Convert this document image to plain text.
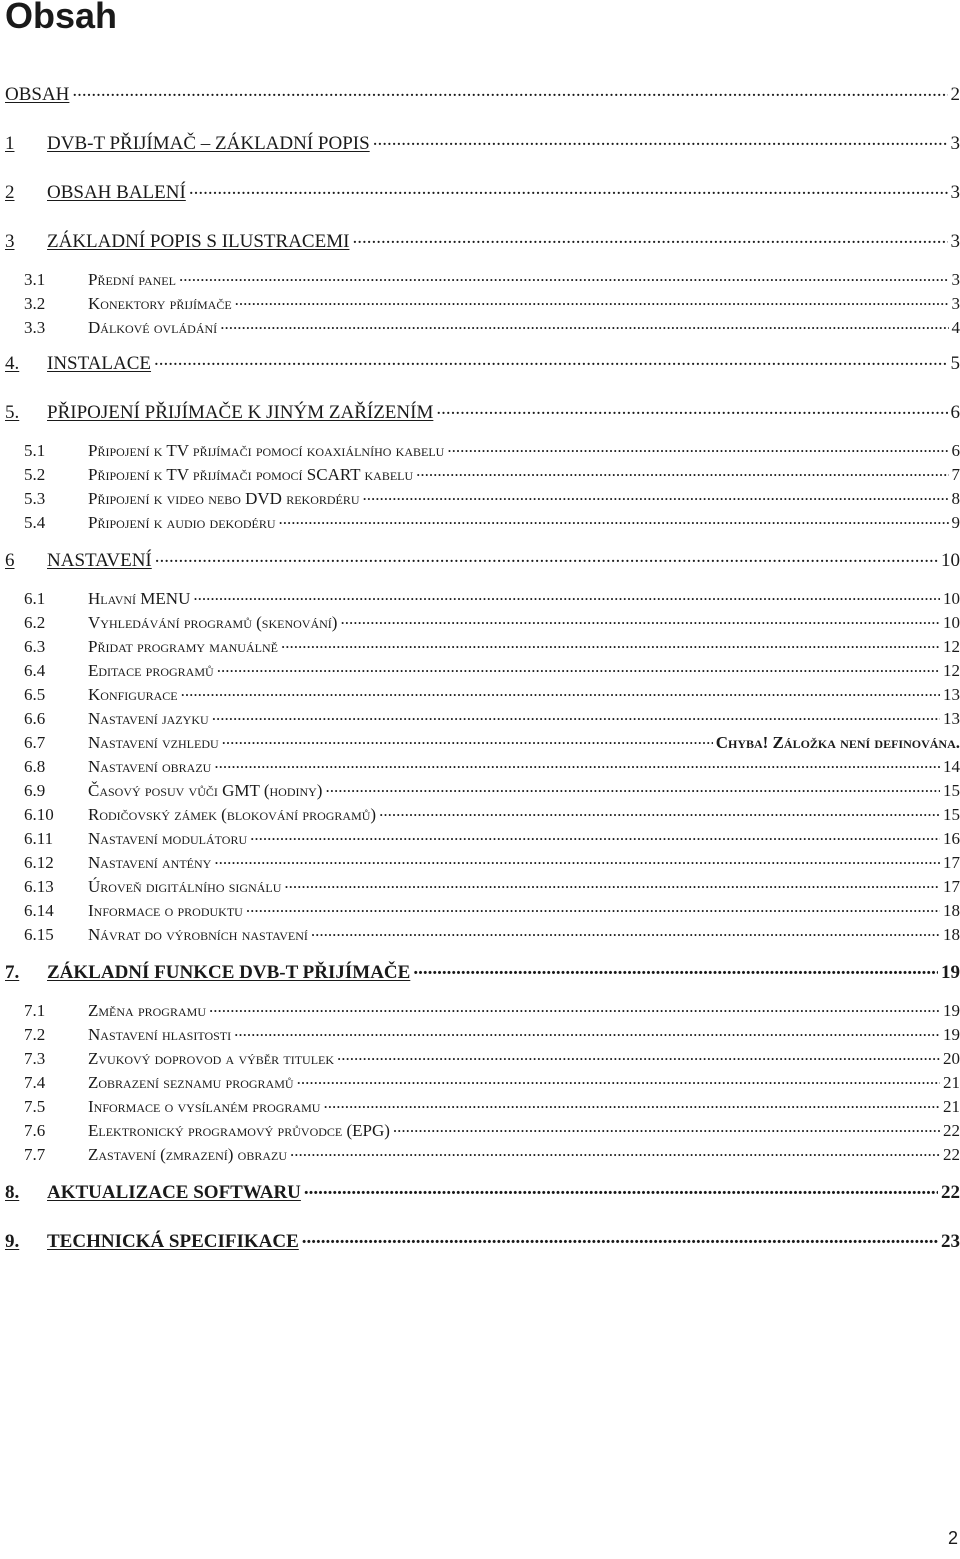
Obsah
OBSAH .....	2
1	DVB-T PŘIJÍMAČ – ZÁKLADNÍ POPIS .....	3
2	OBSAH BALENÍ .....	3
3	ZÁKLADNÍ POPIS S ILUSTRACEMI .....	3
3.1	Přední panel .....	3
3.2	Konektory přijímače .....	3
3.3	Dálkové ovládání .....	4
4.	INSTALACE .....	5
5.	PŘIPOJENÍ PŘIJÍMAČE K JINÝM ZAŘÍZENÍM .....	6
5.1	Připojení k TV přijímači pomocí koaxiálního kabelu .....	6
5.2	Připojení k TV přijímači pomocí SCART kabelu .....	7
5.3	Připojení k video nebo DVD rekordéru .....	8
5.4	Připojení k audio dekodéru .....	9
6	NASTAVENÍ .....	10
6.1	Hlavní MENU .....	10
6.2	Vyhledávání programů (skenování) .....	10
6.3	Přidat programy manuálně .....	12
6.4	Editace programů .....	12
6.5	Konfigurace .....	13
6.6	Nastavení jazyku .....	13
6.7	Nastavení vzhledu .....	Chyba! Záložka není definována.
6.8	Nastavení obrazu .....	14
6.9	Časový posuv vůči GMT (hodiny) .....	15
6.10	Rodičovský zámek (blokování programů) .....	15
6.11	Nastavení modulátoru .....	16
6.12	Nastavení antény .....	17
6.13	Úroveň digitálního signálu .....	17
6.14	Informace o produktu .....	18
6.15	Návrat do výrobních nastavení .....	18
7.	ZÁKLADNÍ FUNKCE DVB-T PŘIJÍMAČE .....	19
7.1	Změna programu .....	19
7.2	Nastavení hlasitosti .....	19
7.3	Zvukový doprovod a výběr titulek .....	20
7.4	Zobrazení seznamu programů .....	21
7.5	Informace o vysílaném programu .....	21
7.6	Elektronický programový průvodce (EPG) .....	22
7.7	Zastavení (zmrazení) obrazu .....	22
8.	AKTUALIZACE SOFTWARU .....	22
9.	TECHNICKÁ SPECIFIKACE .....	23
2
